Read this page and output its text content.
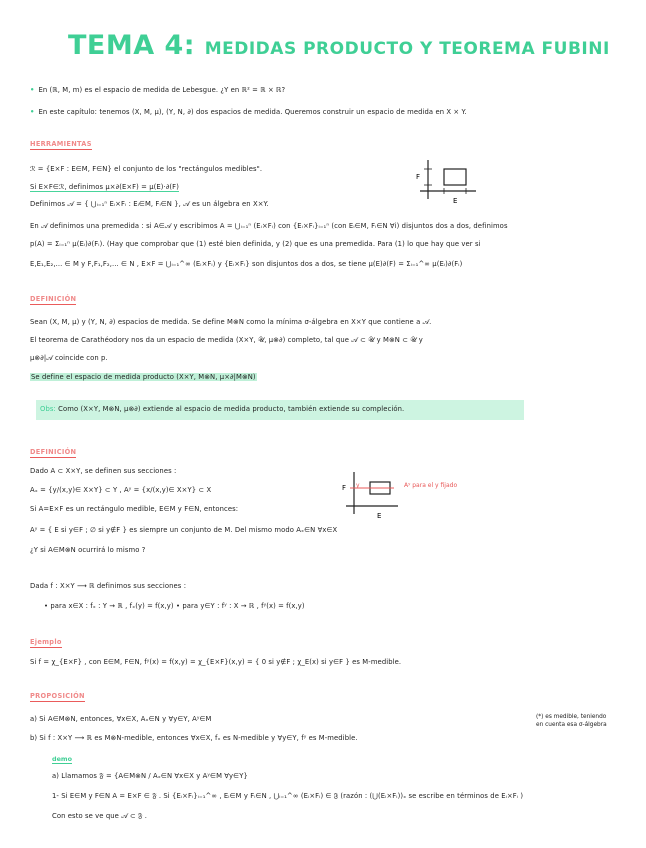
TEMA 4: MEDIDAS PRODUCTO Y TEOREMA FUBINI
• En (ℝ, M, m) es el espacio de medida de Lebesgue. ¿Y en ℝ² = ℝ × ℝ?
• En este capítulo: tenemos (X, M, μ), (Y, N, ∂) dos espacios de medida. Queremos construir un espacio de medida en X × Y.
HERRAMIENTAS
ℛ = {E×F : E∈M, F∈N} el conjunto de los "rectángulos medibles".
Si E×F∈ℛ, definimos μ×∂(E×F) = μ(E)·∂(F)
Definimos 𝒜 = { ⋃ᵢ₌₁ⁿ Eᵢ×Fᵢ : Eᵢ∈M, Fᵢ∈N }, 𝒜 es un álgebra en X×Y.
En 𝒜 definimos una premedida : si A∈𝒜 y escribimos A = ⋃ᵢ₌₁ⁿ (Eᵢ×Fᵢ) con {Eᵢ×Fᵢ}ᵢ₌₁ⁿ (con Eᵢ∈M, Fᵢ∈N ∀i) disjuntos dos a dos, definimos
p(A) = Σᵢ₌₁ⁿ μ(Eᵢ)∂(Fᵢ). (Hay que comprobar que (1) esté bien definida, y (2) que es una premedida. Para (1) lo que hay que ver si
E,E₁,E₂,... ∈ M y F,F₁,F₂,... ∈ N , E×F = ⋃ᵢ₌₁^∞ (Eᵢ×Fᵢ) y {Eᵢ×Fᵢ} son disjuntos dos a dos, se tiene μ(E)∂(F) = Σᵢ₌₁^∞ μ(Eᵢ)∂(Fᵢ)
F
E
DEFINICIÓN
Sean (X, M, μ) y (Y, N, ∂) espacios de medida. Se define M⊗N como la mínima σ-álgebra en X×Y que contiene a 𝒜.
El teorema de Carathéodory nos da un espacio de medida (X×Y, 𝒰, μ⊗∂) completo, tal que 𝒜 ⊂ 𝒰 y M⊗N ⊂ 𝒰 y
μ⊗∂|𝒜 coincide con p.
Se define el espacio de medida producto (X×Y, M⊗N, μ×∂|M⊗N)
Obs: Como (X×Y, M⊗N, μ⊗∂) extiende al espacio de medida producto, también extiende su compleción.
DEFINICIÓN
Dado A ⊂ X×Y, se definen sus secciones :
Aₓ = {y/(x,y)∈ X×Y} ⊂ Y , Aʸ = {x/(x,y)∈ X×Y} ⊂ X
Si A=E×F es un rectángulo medible, E∈M y F∈N, entonces:
Aʸ = { E si y∈F ; ∅ si y∉F } es siempre un conjunto de M. Del mismo modo Aₓ∈N ∀x∈X
¿Y si A∈M⊗N ocurrirá lo mismo ?
F y
E
Aʸ para el y fijado
Dada f : X×Y ⟶ ℝ definimos sus secciones :
• para x∈X : fₓ : Y → ℝ , fₓ(y) = f(x,y) • para y∈Y : fʸ : X → ℝ , fʸ(x) = f(x,y)
Ejemplo
Si f = χ_{E×F} , con E∈M, F∈N, fʸ(x) = f(x,y) = χ_{E×F}(x,y) = { 0 si y∉F ; χ_E(x) si y∈F } es M-medible.
PROPOSICIÓN
a) Si A∈M⊗N, entonces, ∀x∈X, Aₓ∈N y ∀y∈Y, Aʸ∈M
b) Si f : X×Y ⟶ ℝ es M⊗N-medible, entonces ∀x∈X, fₓ es N-medible y ∀y∈Y, fʸ es M-medible.
(*) es medible, teniendo
en cuenta esa σ-álgebra
demo
a) Llamamos 𝔉 = {A∈M⊗N / Aₓ∈N ∀x∈X y Aʸ∈M ∀y∈Y}
1- Si E∈M y F∈N A = E×F ∈ 𝔉 . Si {Eᵢ×Fᵢ}ᵢ₌₁^∞ , Eᵢ∈M y Fᵢ∈N , ⋃ᵢ₌₁^∞ (Eᵢ×Fᵢ) ∈ 𝔉 (razón : (⋃(Eᵢ×Fᵢ))ₓ se escribe en términos de Eᵢ×Fᵢ )
Con esto se ve que 𝒜 ⊂ 𝔉 .
